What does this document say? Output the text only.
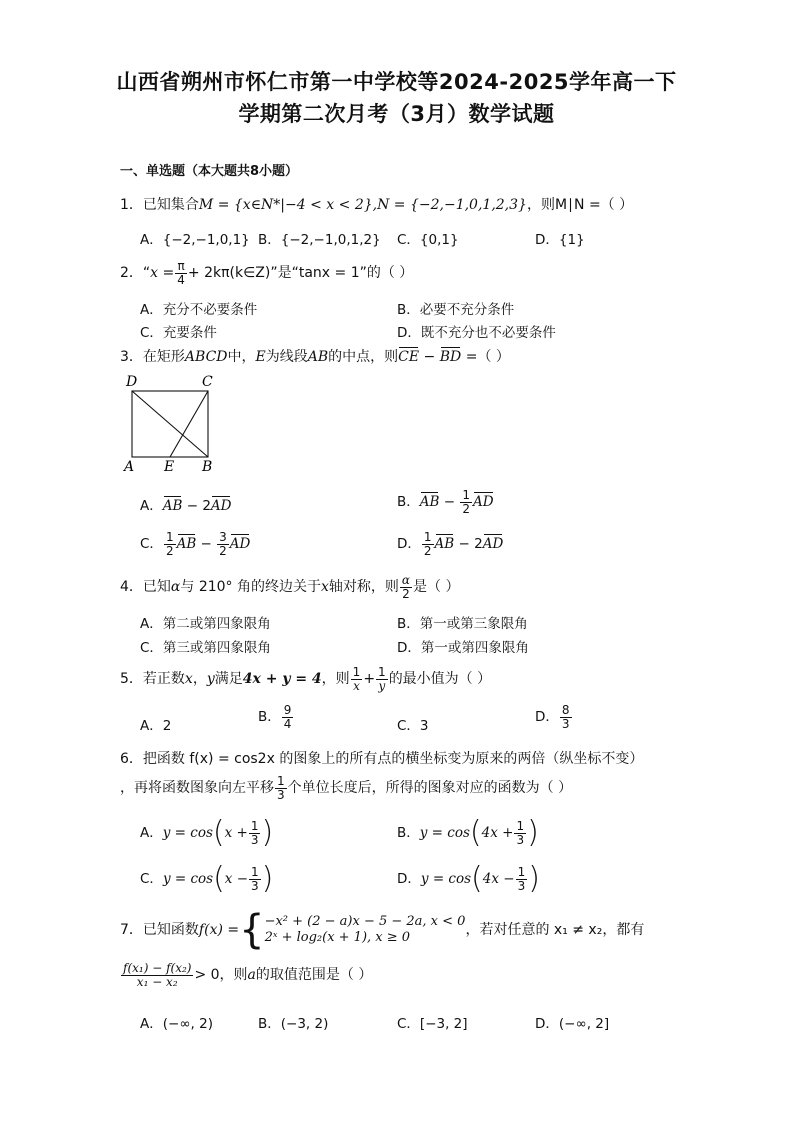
山西省朔州市怀仁市第一中学校等2024-2025学年高一下
学期第二次月考（3月）数学试题
一、单选题（本大题共8小题）
1．已知集合M = {x∈N*|−4 < x < 2},N = {−2,−1,0,1,2,3}，则M∣N =（ ）
A．{−2,−1,0,1} B．{−2,−1,0,1,2} C．{0,1}	D．{1}
2．“$x = \frac{\pi}{4}$ + 2kπ(k∈Z)”是“tanx = 1”的（ ）
A．充分不必要条件	B．必要不充分条件
C．充要条件	D．既不充分也不必要条件
3．在矩形ABCD中，E为线段AB的中点，则CE − BD =（ ）
D	C
A E B
A．AB − 2AD	B．AB − $\frac{1}{2}$ AD
C． $\frac{1}{2}$ AB − $\frac{3}{2}$ AD	D． $\frac{1}{2}$ AB − 2AD
4．已知α与 210° 角的终边关于x轴对称，则 $\frac{\alpha}{2}$ 是（ ）
A．第二或第四象限角	B．第一或第三象限角
C．第三或第四象限角	D．第一或第四象限角
5．若正数x，y满足4x + y = 4，则 $\frac{1}{x} + \frac{1}{y}$ 的最小值为（ ）
A．2
B． $\frac{9}{4}$	C．3
D． $\frac{8}{3}$
6．把函数 f(x) = cos2x 的图象上的所有点的横坐标变为原来的两倍（纵坐标不变）
，再将函数图象向左平移 $\frac{1}{3}$ 个单位长度后，所得的图象对应的函数为（ ）
A．$y = \cos(x + \frac{1}{3}$ )	B．$y = \cos(4x + \frac{1}{3}$ )
C．$y = \cos(x - \frac{1}{3}$ )	D．$y = \cos(4x - \frac{1}{3}$ )
7．已知函数f(x) ={ −x² + (2 − a)x − 5 − 2a, x < 0
2ˣ + log₂(x + 1), x ≥ 0	，若对任意的 x₁ ≠ x₂，都有
$\frac{\text{f(x₁) − f(x₂)}}{\text{x₁ − x₂}} > 0$，则a的取值范围是（ ）
A．(−∞, 2)	B．(−3, 2)	C．[−3, 2]	D．(−∞, 2]
